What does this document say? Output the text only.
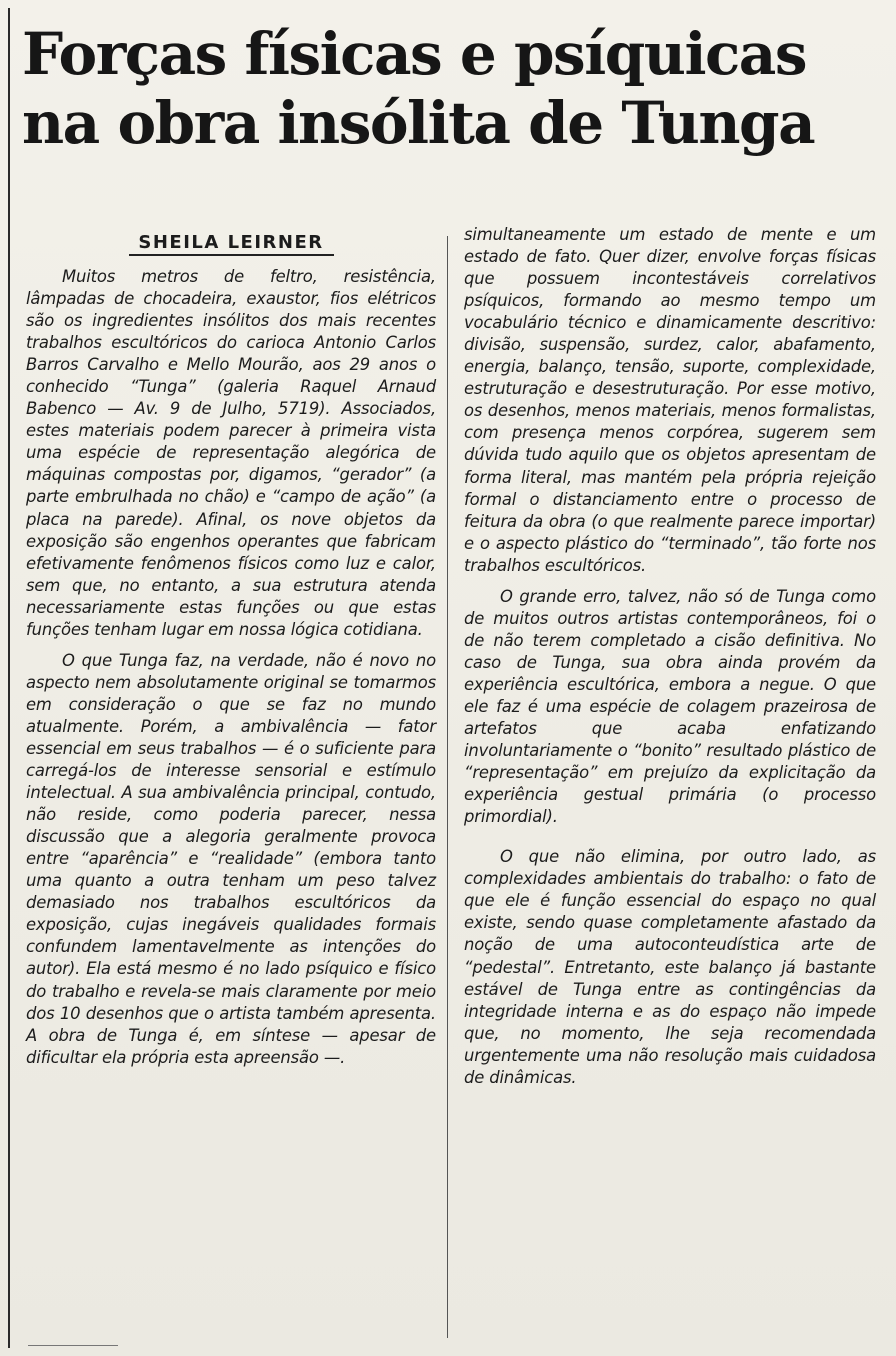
Forças físicas e psíquicas
na obra insólita de Tunga
SHEILA LEIRNER

Muitos metros de feltro, resistência, lâmpadas de chocadeira, exaustor, fios elétricos são os ingredientes insólitos dos mais recentes trabalhos escultóricos do carioca Antonio Carlos Barros Carvalho e Mello Mourão, aos 29 anos o conhecido “Tunga” (galeria Raquel Arnaud Babenco — Av. 9 de Julho, 5719). Associados, estes materiais podem parecer à primeira vista uma espécie de representação alegórica de máquinas compostas por, digamos, “gerador” (a parte embrulhada no chão) e “campo de ação” (a placa na parede). Afinal, os nove objetos da exposição são engenhos operantes que fabricam efetivamente fenômenos físicos como luz e calor, sem que, no entanto, a sua estrutura atenda necessariamente estas funções ou que estas funções tenham lugar em nossa lógica cotidiana.

O que Tunga faz, na verdade, não é novo no aspecto nem absolutamente original se tomarmos em consideração o que se faz no mundo atualmente. Porém, a ambivalência — fator essencial em seus trabalhos — é o suficiente para carregá-los de interesse sensorial e estímulo intelectual. A sua ambivalência principal, contudo, não reside, como poderia parecer, nessa discussão que a alegoria geralmente provoca entre “aparência” e “realidade” (embora tanto uma quanto a outra tenham um peso talvez demasiado nos trabalhos escultóricos da exposição, cujas inegáveis qualidades formais confundem lamentavelmente as intenções do autor). Ela está mesmo é no lado psíquico e físico do trabalho e revela-se mais claramente por meio dos 10 desenhos que o artista também apresenta. A obra de Tunga é, em síntese — apesar de dificultar ela própria esta apreensão —.

simultaneamente um estado de mente e um estado de fato. Quer dizer, envolve forças físicas que possuem incontestáveis correlativos psíquicos, formando ao mesmo tempo um vocabulário técnico e dinamicamente descritivo: divisão, suspensão, surdez, calor, abafamento, energia, balanço, tensão, suporte, complexidade, estruturação e desestruturação. Por esse motivo, os desenhos, menos materiais, menos formalistas, com presença menos corpórea, sugerem sem dúvida tudo aquilo que os objetos apresentam de forma literal, mas mantém pela própria rejeição formal o distanciamento entre o processo de feitura da obra (o que realmente parece importar) e o aspecto plástico do “terminado”, tão forte nos trabalhos escultóricos.

O grande erro, talvez, não só de Tunga como de muitos outros artistas contemporâneos, foi o de não terem completado a cisão definitiva. No caso de Tunga, sua obra ainda provém da experiência escultórica, embora a negue. O que ele faz é uma espécie de colagem prazeirosa de artefatos que acaba enfatizando involuntariamente o “bonito” resultado plástico de “representação” em prejuízo da explicitação da experiência gestual primária (o processo primordial).

O que não elimina, por outro lado, as complexidades ambientais do trabalho: o fato de que ele é função essencial do espaço no qual existe, sendo quase completamente afastado da noção de uma autoconteudística arte de “pedestal”. Entretanto, este balanço já bastante estável de Tunga entre as contingências da integridade interna e as do espaço não impede que, no momento, lhe seja recomendada urgentemente uma não resolução mais cuidadosa de dinâmicas.
